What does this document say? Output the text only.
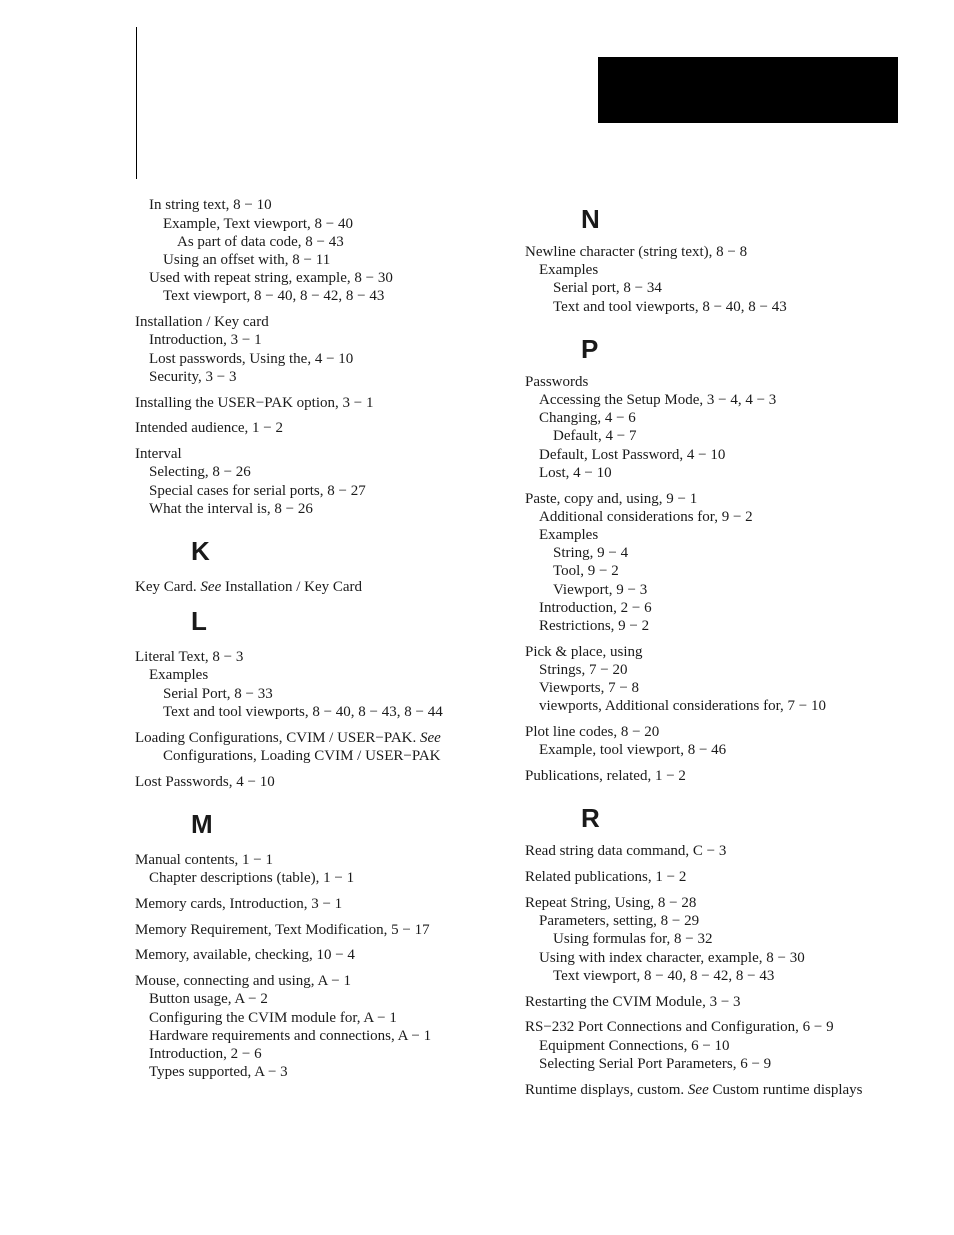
In string text, 8 − 10
Example, Text viewport, 8 − 40
As part of data code, 8 − 43
Using an offset with, 8 − 11
Used with repeat string, example, 8 − 30
Text viewport, 8 − 40, 8 − 42, 8 − 43
Installation / Key card
Introduction, 3 − 1
Lost passwords, Using the, 4 − 10
Security, 3 − 3
Installing the USER−PAK option, 3 − 1
Intended audience, 1 − 2
Interval
Selecting, 8 − 26
Special cases for serial ports, 8 − 27
What the interval is, 8 − 26
K
Key Card. See Installation / Key Card
L
Literal Text, 8 − 3
Examples
Serial Port, 8 − 33
Text and tool viewports, 8 − 40, 8 − 43, 8 − 44
Loading Configurations, CVIM / USER−PAK. See
Configurations, Loading CVIM / USER−PAK
Lost Passwords, 4 − 10
M
Manual contents, 1 − 1
Chapter descriptions (table), 1 − 1
Memory cards, Introduction, 3 − 1
Memory Requirement, Text Modification, 5 − 17
Memory, available, checking, 10 − 4
Mouse, connecting and using, A − 1
Button usage, A − 2
Configuring the CVIM module for, A − 1
Hardware requirements and connections, A − 1
Introduction, 2 − 6
Types supported, A − 3
N
Newline character (string text), 8 − 8
Examples
Serial port, 8 − 34
Text and tool viewports, 8 − 40, 8 − 43
P
Passwords
Accessing the Setup Mode, 3 − 4, 4 − 3
Changing, 4 − 6
Default, 4 − 7
Default, Lost Password, 4 − 10
Lost, 4 − 10
Paste, copy and, using, 9 − 1
Additional considerations for, 9 − 2
Examples
String, 9 − 4
Tool, 9 − 2
Viewport, 9 − 3
Introduction, 2 − 6
Restrictions, 9 − 2
Pick & place, using
Strings, 7 − 20
Viewports, 7 − 8
viewports, Additional considerations for, 7 − 10
Plot line codes, 8 − 20
Example, tool viewport, 8 − 46
Publications, related, 1 − 2
R
Read string data command, C − 3
Related publications, 1 − 2
Repeat String, Using, 8 − 28
Parameters, setting, 8 − 29
Using formulas for, 8 − 32
Using with index character, example, 8 − 30
Text viewport, 8 − 40, 8 − 42, 8 − 43
Restarting the CVIM Module, 3 − 3
RS−232 Port Connections and Configuration, 6 − 9
Equipment Connections, 6 − 10
Selecting Serial Port Parameters, 6 − 9
Runtime displays, custom. See Custom runtime displays
